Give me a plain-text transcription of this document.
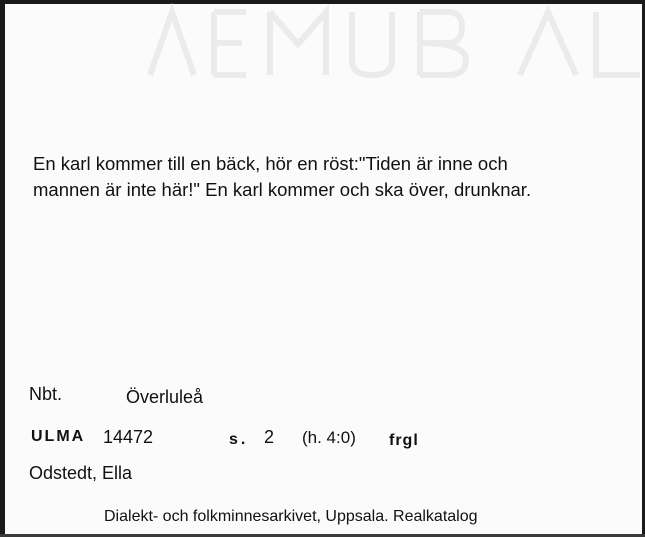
En karl kommer till en bäck, hör en röst:"Tiden är inne och
mannen är inte här!" En karl kommer och ska över, drunknar.
Nbt.	Överluleå
ULMA 14472	s. 2 (h. 4:0) frgl
Odstedt, Ella
Dialekt- och folkminnesarkivet, Uppsala. Realkatalog
